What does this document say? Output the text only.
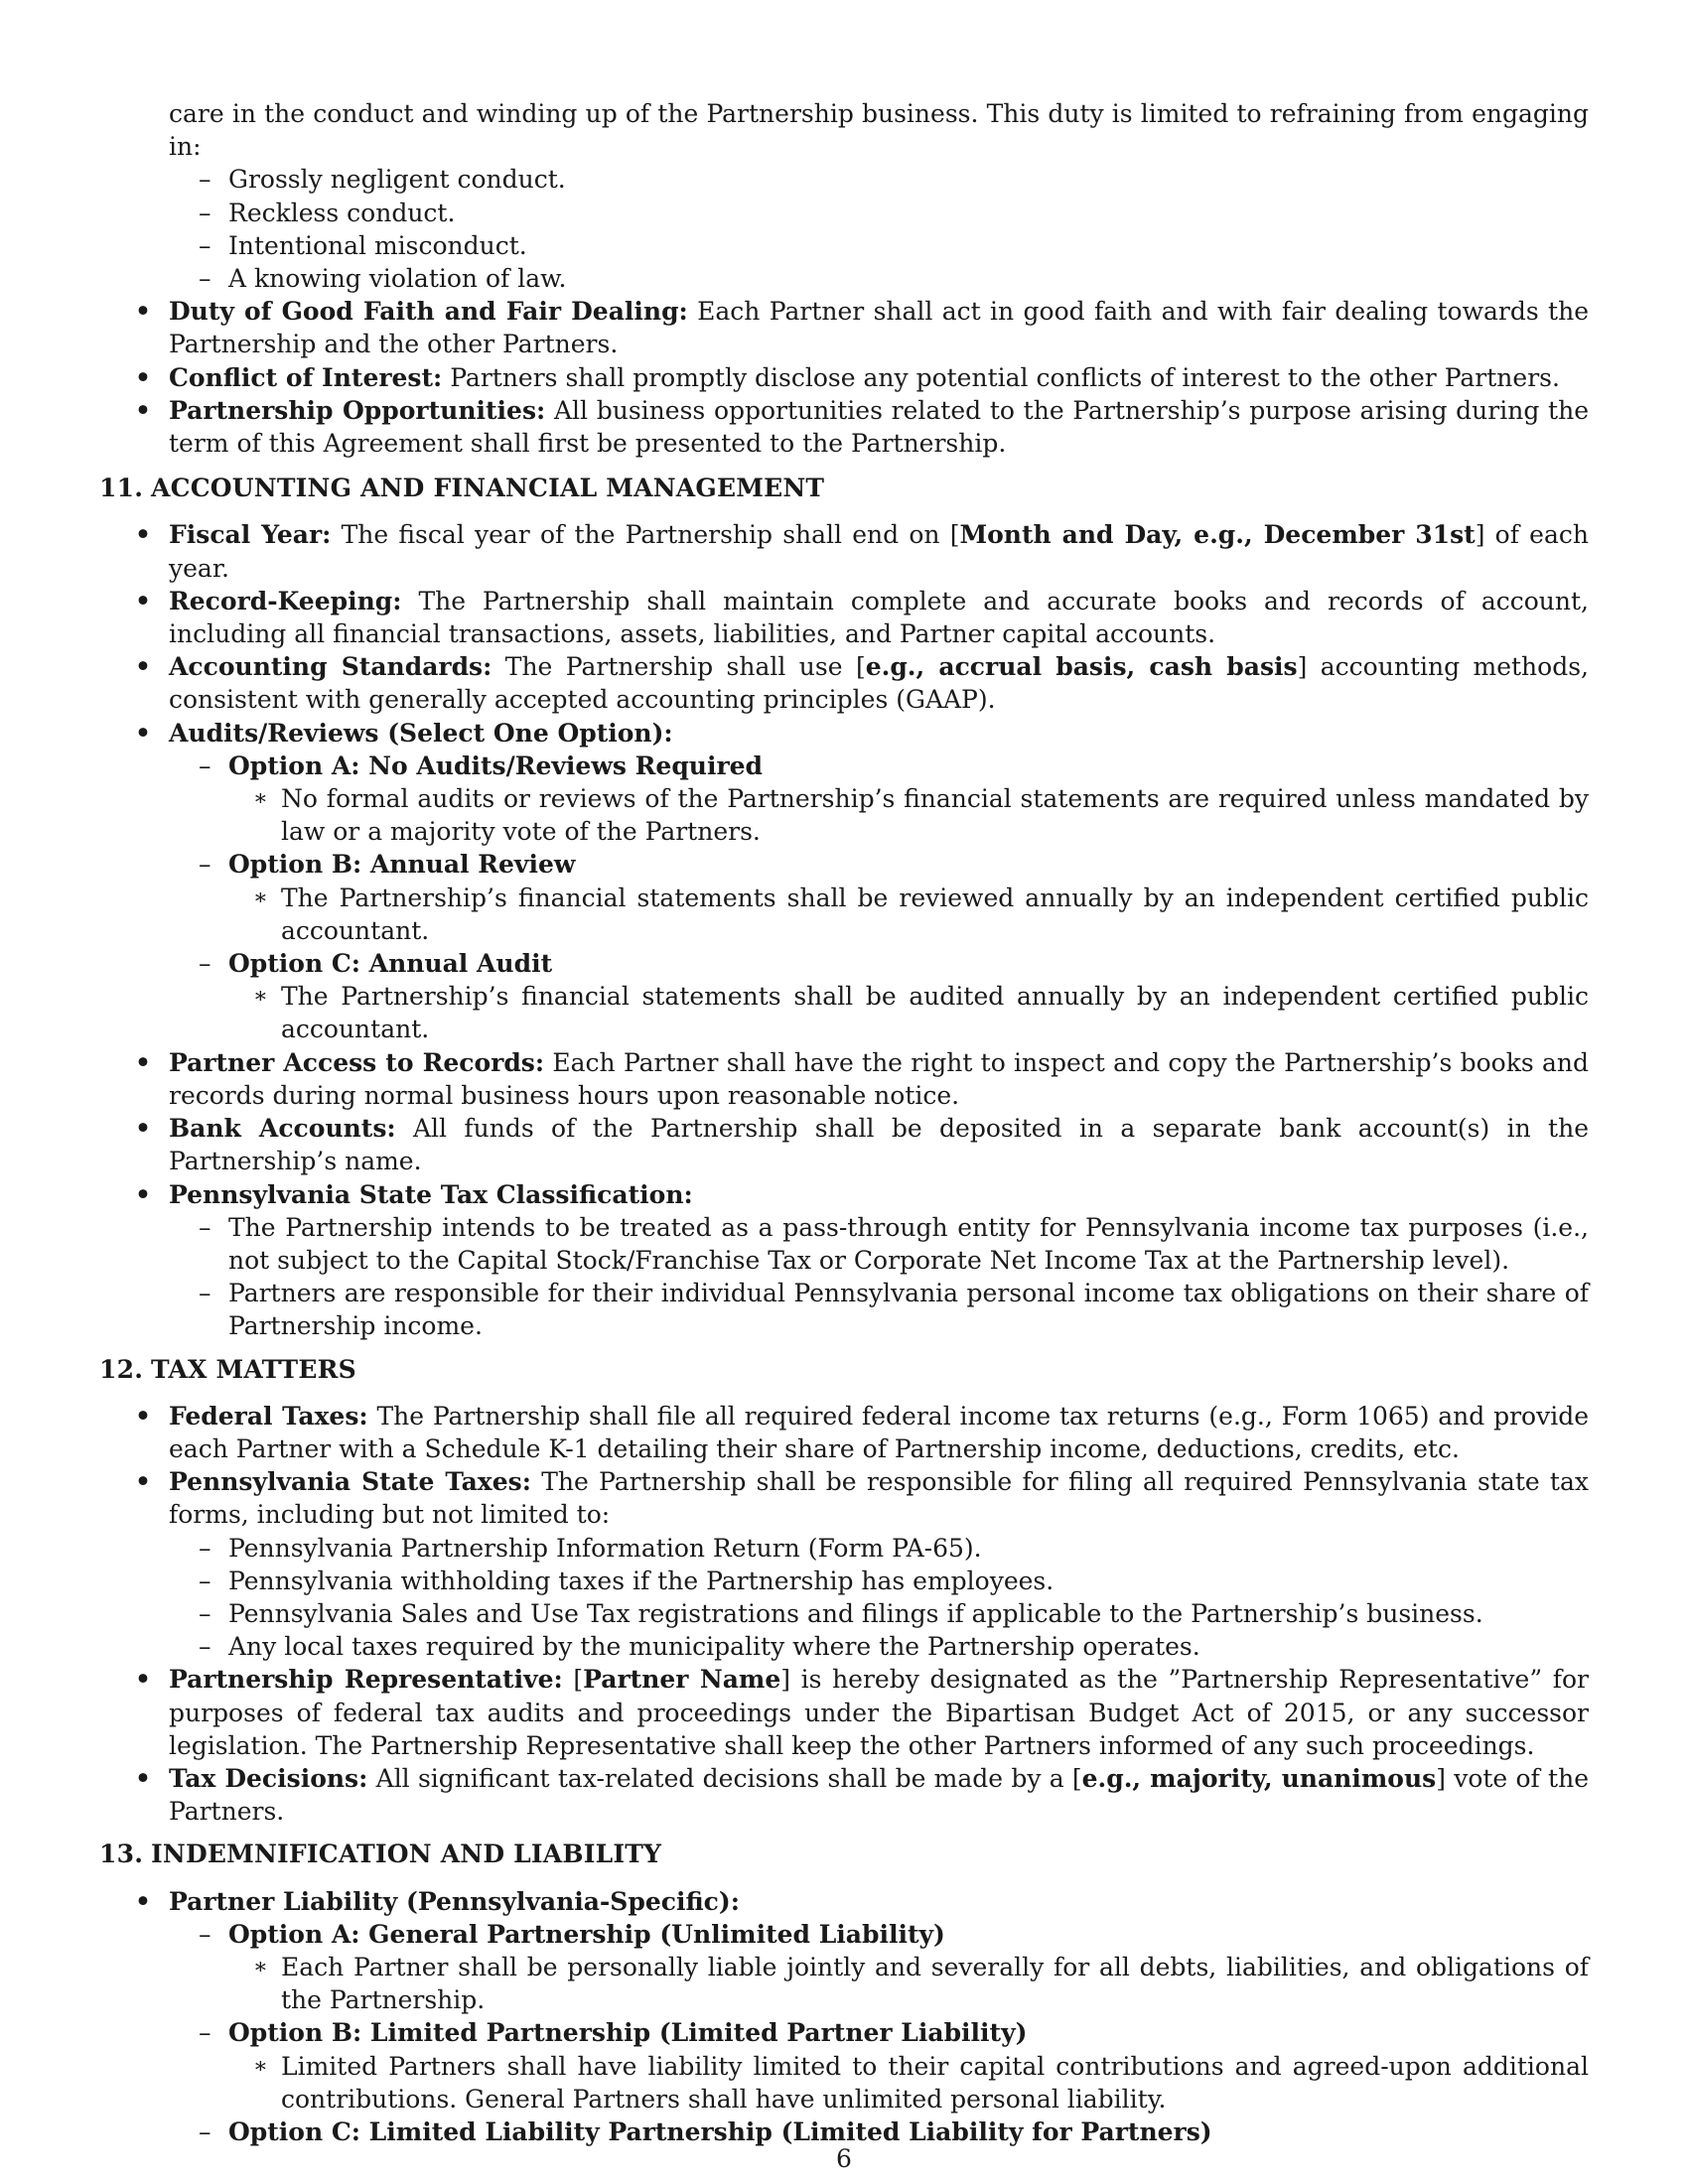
care in the conduct and winding up of the Partnership business. This duty is limited to refraining from engaging in:
– Grossly negligent conduct.
– Reckless conduct.
– Intentional misconduct.
– A knowing violation of law.
• Duty of Good Faith and Fair Dealing: Each Partner shall act in good faith and with fair dealing towards the Partnership and the other Partners.
• Conflict of Interest: Partners shall promptly disclose any potential conflicts of interest to the other Partners.
• Partnership Opportunities: All business opportunities related to the Partnership’s purpose arising during the term of this Agreement shall first be presented to the Partnership.
11. ACCOUNTING AND FINANCIAL MANAGEMENT
• Fiscal Year: The fiscal year of the Partnership shall end on [Month and Day, e.g., December 31st] of each year.
• Record-Keeping: The Partnership shall maintain complete and accurate books and records of account, including all financial transactions, assets, liabilities, and Partner capital accounts.
• Accounting Standards: The Partnership shall use [e.g., accrual basis, cash basis] accounting methods, consistent with generally accepted accounting principles (GAAP).
• Audits/Reviews (Select One Option):
– Option A: No Audits/Reviews Required
∗ No formal audits or reviews of the Partnership’s financial statements are required unless mandated by law or a majority vote of the Partners.
– Option B: Annual Review
∗ The Partnership’s financial statements shall be reviewed annually by an independent certified public accountant.
– Option C: Annual Audit
∗ The Partnership’s financial statements shall be audited annually by an independent certified public accountant.
• Partner Access to Records: Each Partner shall have the right to inspect and copy the Partnership’s books and records during normal business hours upon reasonable notice.
• Bank Accounts: All funds of the Partnership shall be deposited in a separate bank account(s) in the Partnership’s name.
• Pennsylvania State Tax Classification:
– The Partnership intends to be treated as a pass-through entity for Pennsylvania income tax purposes (i.e., not subject to the Capital Stock/Franchise Tax or Corporate Net Income Tax at the Partnership level).
– Partners are responsible for their individual Pennsylvania personal income tax obligations on their share of Partnership income.
12. TAX MATTERS
• Federal Taxes: The Partnership shall file all required federal income tax returns (e.g., Form 1065) and provide each Partner with a Schedule K-1 detailing their share of Partnership income, deductions, credits, etc.
• Pennsylvania State Taxes: The Partnership shall be responsible for filing all required Pennsylvania state tax forms, including but not limited to:
– Pennsylvania Partnership Information Return (Form PA-65).
– Pennsylvania withholding taxes if the Partnership has employees.
– Pennsylvania Sales and Use Tax registrations and filings if applicable to the Partnership’s business.
– Any local taxes required by the municipality where the Partnership operates.
• Partnership Representative: [Partner Name] is hereby designated as the ”Partnership Representative” for purposes of federal tax audits and proceedings under the Bipartisan Budget Act of 2015, or any successor legislation. The Partnership Representative shall keep the other Partners informed of any such proceedings.
• Tax Decisions: All significant tax-related decisions shall be made by a [e.g., majority, unanimous] vote of the Partners.
13. INDEMNIFICATION AND LIABILITY
• Partner Liability (Pennsylvania-Specific):
– Option A: General Partnership (Unlimited Liability)
∗ Each Partner shall be personally liable jointly and severally for all debts, liabilities, and obligations of the Partnership.
– Option B: Limited Partnership (Limited Partner Liability)
∗ Limited Partners shall have liability limited to their capital contributions and agreed-upon additional contributions. General Partners shall have unlimited personal liability.
– Option C: Limited Liability Partnership (Limited Liability for Partners)
6
